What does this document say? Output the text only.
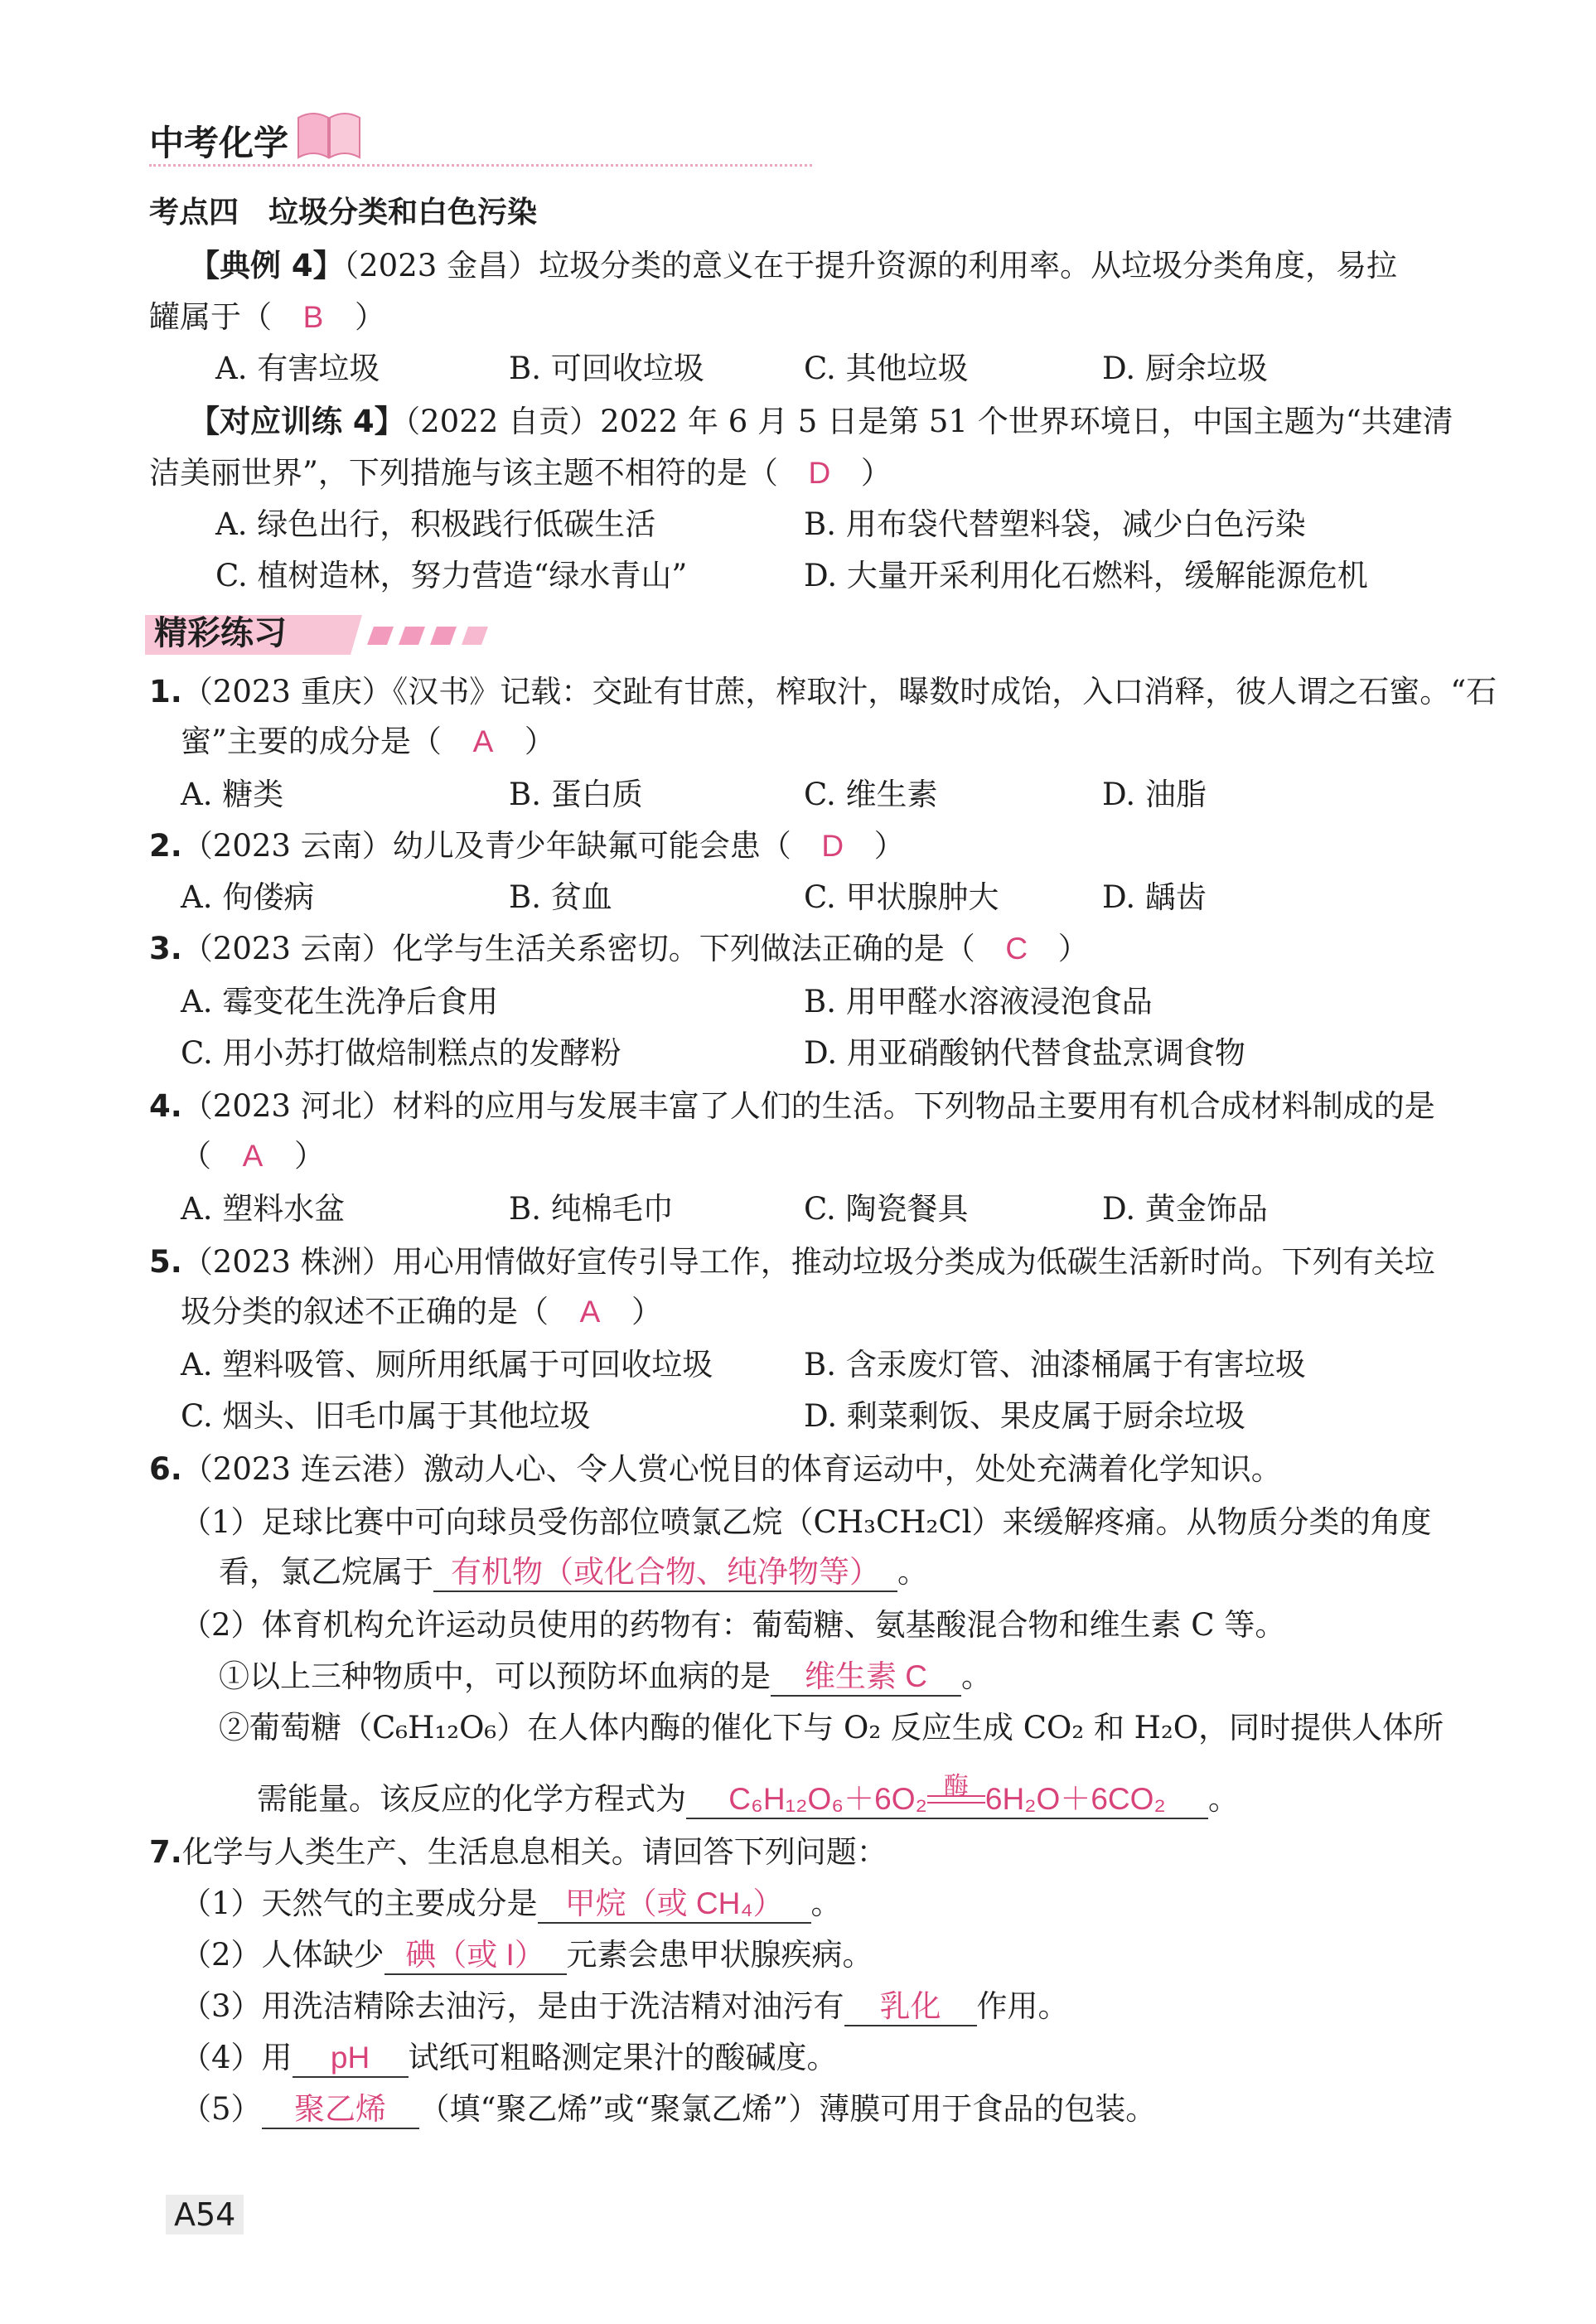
中考化学
考点四　垃圾分类和白色污染
【典例 4】（2023 金昌）垃圾分类的意义在于提升资源的利用率。从垃圾分类角度，易拉
罐属于（ B ）
A. 有害垃圾	B. 可回收垃圾	C. 其他垃圾	D. 厨余垃圾
【对应训练 4】（2022 自贡）2022 年 6 月 5 日是第 51 个世界环境日，中国主题为“共建清
洁美丽世界”，下列措施与该主题不相符的是（ D ）
A. 绿色出行，积极践行低碳生活	B. 用布袋代替塑料袋，减少白色污染
C. 植树造林，努力营造“绿水青山”	D. 大量开采利用化石燃料，缓解能源危机
精彩练习
1.（2023 重庆）《汉书》记载：交趾有甘蔗，榨取汁，曝数时成饴，入口消释，彼人谓之石蜜。“石
蜜”主要的成分是（ A ）
A. 糖类	B. 蛋白质	C. 维生素	D. 油脂
2.（2023 云南）幼儿及青少年缺氟可能会患（ D ）
A. 佝偻病	B. 贫血	C. 甲状腺肿大	D. 龋齿
3.（2023 云南）化学与生活关系密切。下列做法正确的是（ C ）
A. 霉变花生洗净后食用	B. 用甲醛水溶液浸泡食品
C. 用小苏打做焙制糕点的发酵粉	D. 用亚硝酸钠代替食盐烹调食物
4.（2023 河北）材料的应用与发展丰富了人们的生活。下列物品主要用有机合成材料制成的是
（ A ）
A. 塑料水盆	B. 纯棉毛巾	C. 陶瓷餐具	D. 黄金饰品
5.（2023 株洲）用心用情做好宣传引导工作，推动垃圾分类成为低碳生活新时尚。下列有关垃
圾分类的叙述不正确的是（ A ）
A. 塑料吸管、厕所用纸属于可回收垃圾	B. 含汞废灯管、油漆桶属于有害垃圾
C. 烟头、旧毛巾属于其他垃圾	D. 剩菜剩饭、果皮属于厨余垃圾
6.（2023 连云港）激动人心、令人赏心悦目的体育运动中，处处充满着化学知识。
（1）足球比赛中可向球员受伤部位喷氯乙烷（CH₃CH₂Cl）来缓解疼痛。从物质分类的角度
看，氯乙烷属于 有机物（或化合物、纯净物等） 。
（2）体育机构允许运动员使用的药物有：葡萄糖、氨基酸混合物和维生素 C 等。
①以上三种物质中，可以预防坏血病的是 维生素 C 。
②葡萄糖（C₆H₁₂O₆）在人体内酶的催化下与 O₂ 反应生成 CO₂ 和 H₂O，同时提供人体所
需能量。该反应的化学方程式为 C₆H₁₂O₆＋6O₂ 酶 6H₂O＋6CO₂ 。
7.化学与人类生产、生活息息相关。请回答下列问题：
（1）天然气的主要成分是 甲烷（或 CH₄） 。
（2）人体缺少 碘（或 I） 元素会患甲状腺疾病。
（3）用洗洁精除去油污，是由于洗洁精对油污有 乳化 作用。
（4）用 pH 试纸可粗略测定果汁的酸碱度。
（5） 聚乙烯 （填“聚乙烯”或“聚氯乙烯”）薄膜可用于食品的包装。
A54
